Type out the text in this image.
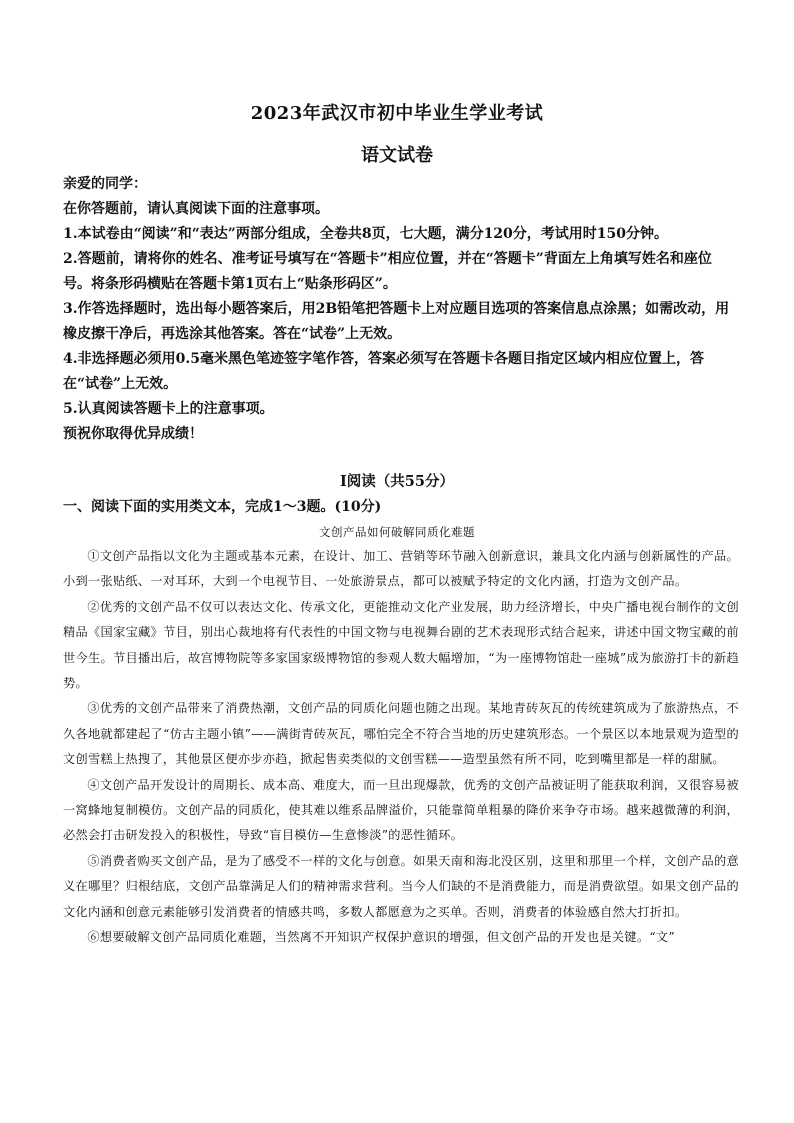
2023年武汉市初中毕业生学业考试
语文试卷

亲爱的同学：

在你答题前，请认真阅读下面的注意事项。

1.本试卷由“阅读”和“表达”两部分组成，全卷共8页，七大题，满分120分，考试用时150分钟。

2.答题前，请将你的姓名、准考证号填写在“答题卡”相应位置，并在“答题卡”背面左上角填写姓名和座位号。将条形码横贴在答题卡第1页右上“贴条形码区”。

3.作答选择题时，选出每小题答案后，用2B铅笔把答题卡上对应题目选项的答案信息点涂黑；如需改动，用橡皮擦干净后，再选涂其他答案。答在“试卷”上无效。

4.非选择题必须用0.5毫米黑色笔迹签字笔作答，答案必须写在答题卡各题目指定区域内相应位置上，答在“试卷”上无效。

5.认真阅读答题卡上的注意事项。

预祝你取得优异成绩！

Ⅰ阅读（共55分）
一、阅读下面的实用类文本，完成1～3题。(10分)
文创产品如何破解同质化难题

①文创产品指以文化为主题或基本元素，在设计、加工、营销等环节融入创新意识，兼具文化内涵与创新属性的产品。小到一张贴纸、一对耳环，大到一个电视节目、一处旅游景点，都可以被赋予特定的文化内涵，打造为文创产品。

②优秀的文创产品不仅可以表达文化、传承文化，更能推动文化产业发展，助力经济增长，中央广播电视台制作的文创精品《国家宝藏》节目，别出心裁地将有代表性的中国文物与电视舞台剧的艺术表现形式结合起来，讲述中国文物宝藏的前世今生。节目播出后，故宫博物院等多家国家级博物馆的参观人数大幅增加，“为一座博物馆赴一座城”成为旅游打卡的新趋势。

③优秀的文创产品带来了消费热潮，文创产品的同质化问题也随之出现。某地青砖灰瓦的传统建筑成为了旅游热点，不久各地就都建起了“仿古主题小镇”——满街青砖灰瓦，哪怕完全不符合当地的历史建筑形态。一个景区以本地景观为造型的文创雪糕上热搜了，其他景区便亦步亦趋，掀起售卖类似的文创雪糕——造型虽然有所不同，吃到嘴里都是一样的甜腻。

④文创产品开发设计的周期长、成本高、难度大，而一旦出现爆款，优秀的文创产品被证明了能获取利润，又很容易被一窝蜂地复制模仿。文创产品的同质化，使其难以维系品牌溢价，只能靠简单粗暴的降价来争夺市场。越来越微薄的利润，必然会打击研发投入的积极性，导致“盲目模仿—生意惨淡”的恶性循环。

⑤消费者购买文创产品，是为了感受不一样的文化与创意。如果天南和海北没区别，这里和那里一个样，文创产品的意义在哪里？归根结底，文创产品靠满足人们的精神需求营利。当今人们缺的不是消费能力，而是消费欲望。如果文创产品的文化内涵和创意元素能够引发消费者的情感共鸣，多数人都愿意为之买单。否则，消费者的体验感自然大打折扣。

⑥想要破解文创产品同质化难题，当然离不开知识产权保护意识的增强，但文创产品的开发也是关键。“文”
